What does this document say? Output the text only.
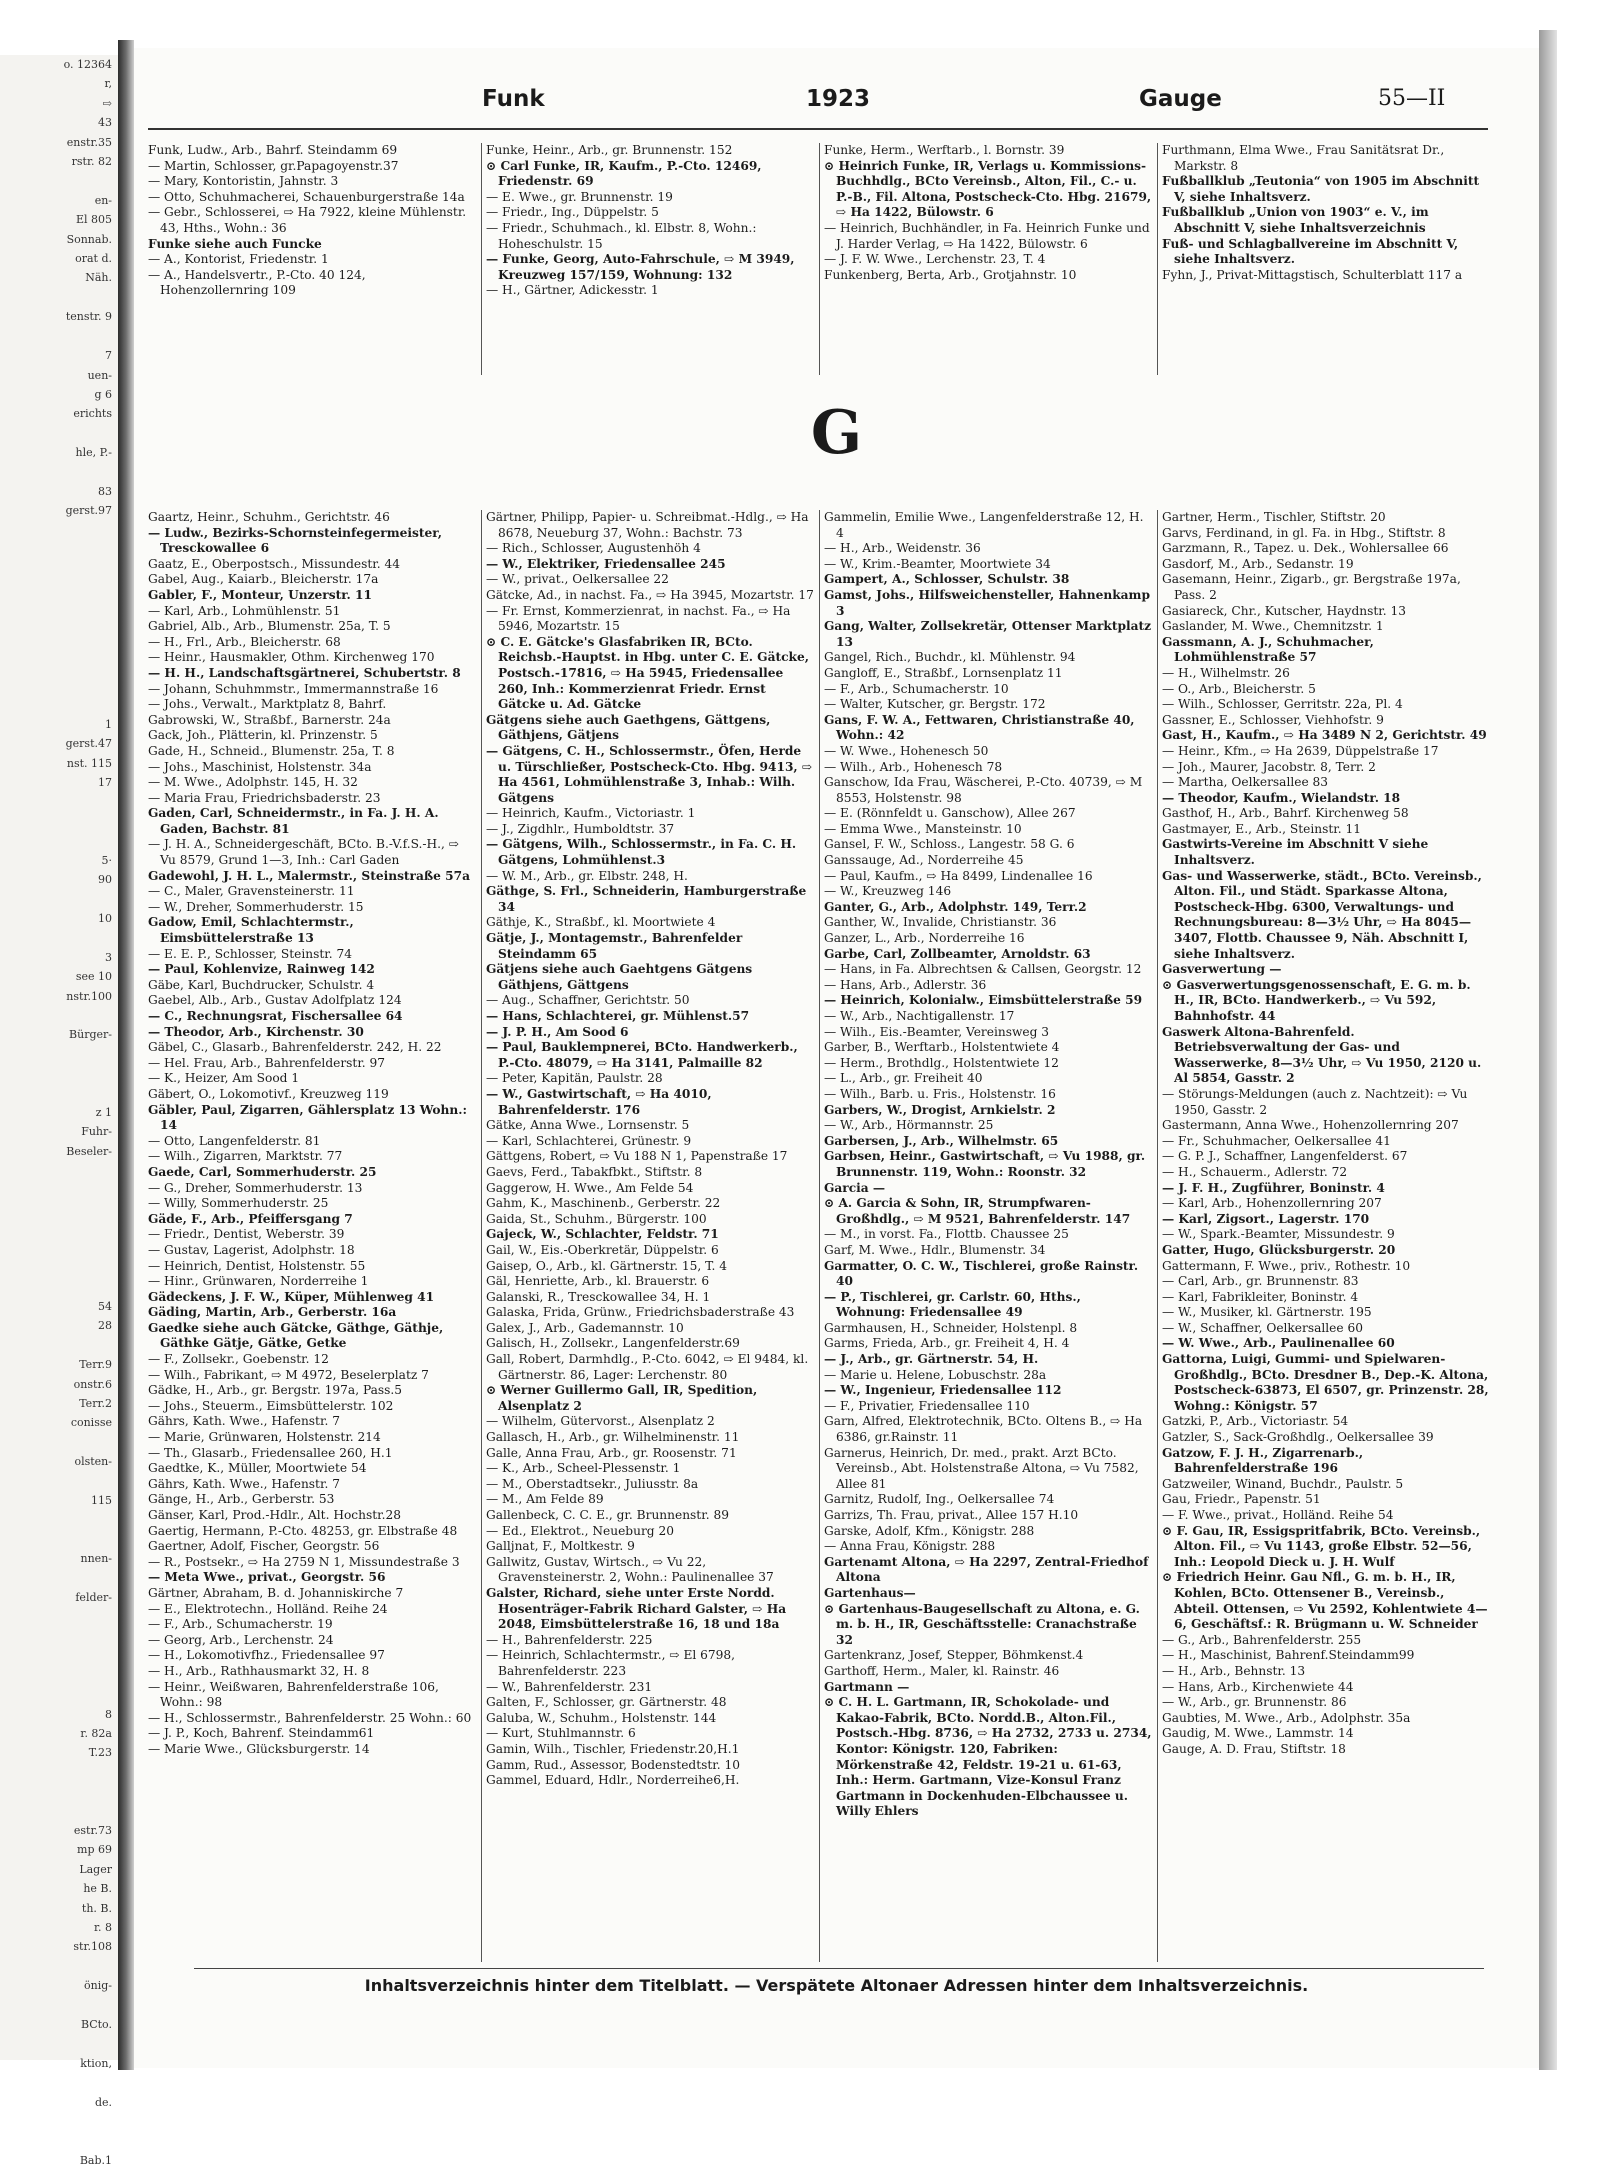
o. 12364
r,
⇨
43
enstr.35
rstr. 82

en-
El 805
Sonnab.
orat d.
Näh.

tenstr. 9

7
uen-
g 6
erichts

hle, P.-

83
gerst.97

1
gerst.47
nst. 115
17

5·
90

10

3
see 10
nstr.100

Bürger-

z 1
Fuhr-
Beseler-

54
28

Terr.9
onstr.6
Terr.2
conisse

olsten-

115

nnen-

felder-

8
r. 82a
T.23

estr.73
mp 69
Lager
he B.
th. B.
r. 8
str.108

önig-

BCto.

ktion,

de.

Bab.1
Funk	1923	Gauge	55—II

Funk, Ludw., Arb., Bahrf. Steindamm 69

— Martin, Schlosser, gr.Papagoyenstr.37

— Mary, Kontoristin, Jahnstr. 3

— Otto, Schuhmacherei, Schauenburgerstraße 14a

— Gebr., Schlosserei, ⇨ Ha 7922, kleine Mühlenstr. 43, Hths., Wohn.: 36

Funke siehe auch Funcke

— A., Kontorist, Friedenstr. 1

— A., Handelsvertr., P.-Cto. 40 124, Hohenzollernring 109

Funke, Heinr., Arb., gr. Brunnenstr. 152

⊙ Carl Funke, IR, Kaufm., P.-Cto. 12469, Friedenstr. 69

— E. Wwe., gr. Brunnenstr. 19

— Friedr., Ing., Düppelstr. 5

— Friedr., Schuhmach., kl. Elbstr. 8, Wohn.: Hoheschulstr. 15

— Funke, Georg, Auto-Fahrschule, ⇨ M 3949, Kreuzweg 157/159, Wohnung: 132

— H., Gärtner, Adickesstr. 1

Funke, Herm., Werftarb., l. Bornstr. 39

⊙ Heinrich Funke, IR, Verlags u. Kommissions-Buchhdlg., BCto Vereinsb., Alton, Fil., C.- u. P.-B., Fil. Altona, Postscheck-Cto. Hbg. 21679, ⇨ Ha 1422, Bülowstr. 6

— Heinrich, Buchhändler, in Fa. Heinrich Funke und J. Harder Verlag, ⇨ Ha 1422, Bülowstr. 6

— J. F. W. Wwe., Lerchenstr. 23, T. 4

Funkenberg, Berta, Arb., Grotjahnstr. 10

Furthmann, Elma Wwe., Frau Sanitätsrat Dr., Markstr. 8

Fußballklub „Teutonia“ von 1905 im Abschnitt V, siehe Inhaltsverz.

Fußballklub „Union von 1903“ e. V., im Abschnitt V, siehe Inhaltsverzeichnis

Fuß- und Schlagballvereine im Abschnitt V, siehe Inhaltsverz.

Fyhn, J., Privat-Mittagstisch, Schulterblatt 117 a

G

Gaartz, Heinr., Schuhm., Gerichtstr. 46

— Ludw., Bezirks-Schornsteinfegermeister, Tresckowallee 6

Gaatz, E., Oberpostsch., Missundestr. 44

Gabel, Aug., Kaiarb., Bleicherstr. 17a

Gabler, F., Monteur, Unzerstr. 11

— Karl, Arb., Lohmühlenstr. 51

Gabriel, Alb., Arb., Blumenstr. 25a, T. 5

— H., Frl., Arb., Bleicherstr. 68

— Heinr., Hausmakler, Othm. Kirchenweg 170

— H. H., Landschaftsgärtnerei, Schubertstr. 8

— Johann, Schuhmmstr., Immermannstraße 16

— Johs., Verwalt., Marktplatz 8, Bahrf.

Gabrowski, W., Straßbf., Barnerstr. 24a

Gack, Joh., Plätterin, kl. Prinzenstr. 5

Gade, H., Schneid., Blumenstr. 25a, T. 8

— Johs., Maschinist, Holstenstr. 34a

— M. Wwe., Adolphstr. 145, H. 32

— Maria Frau, Friedrichsbaderstr. 23

Gaden, Carl, Schneidermstr., in Fa. J. H. A. Gaden, Bachstr. 81

— J. H. A., Schneidergeschäft, BCto. B.-V.f.S.-H., ⇨ Vu 8579, Grund 1—3, Inh.: Carl Gaden

Gadewohl, J. H. L., Malermstr., Steinstraße 57a

— C., Maler, Gravensteinerstr. 11

— W., Dreher, Sommerhuderstr. 15

Gadow, Emil, Schlachtermstr., Eimsbüttelerstraße 13

— E. E. P., Schlosser, Steinstr. 74

— Paul, Kohlenvize, Rainweg 142

Gäbe, Karl, Buchdrucker, Schulstr. 4

Gaebel, Alb., Arb., Gustav Adolfplatz 124

— C., Rechnungsrat, Fischersallee 64

— Theodor, Arb., Kirchenstr. 30

Gäbel, C., Glasarb., Bahrenfelderstr. 242, H. 22

— Hel. Frau, Arb., Bahrenfelderstr. 97

— K., Heizer, Am Sood 1

Gäbert, O., Lokomotivf., Kreuzweg 119

Gäbler, Paul, Zigarren, Gählersplatz 13 Wohn.: 14

— Otto, Langenfelderstr. 81

— Wilh., Zigarren, Marktstr. 77

Gaede, Carl, Sommerhuderstr. 25

— G., Dreher, Sommerhuderstr. 13

— Willy, Sommerhuderstr. 25

Gäde, F., Arb., Pfeiffersgang 7

— Friedr., Dentist, Weberstr. 39

— Gustav, Lagerist, Adolphstr. 18

— Heinrich, Dentist, Holstenstr. 55

— Hinr., Grünwaren, Norderreihe 1

Gädeckens, J. F. W., Küper, Mühlenweg 41

Gäding, Martin, Arb., Gerberstr. 16a

Gaedke siehe auch Gätcke, Gäthge, Gäthje, Gäthke Gätje, Gätke, Getke

— F., Zollsekr., Goebenstr. 12

— Wilh., Fabrikant, ⇨ M 4972, Beselerplatz 7

Gädke, H., Arb., gr. Bergstr. 197a, Pass.5

— Johs., Steuerm., Eimsbüttelerstr. 102

Gährs, Kath. Wwe., Hafenstr. 7

— Marie, Grünwaren, Holstenstr. 214

— Th., Glasarb., Friedensallee 260, H.1

Gaedtke, K., Müller, Moortwiete 54

Gährs, Kath. Wwe., Hafenstr. 7

Gänge, H., Arb., Gerberstr. 53

Gänser, Karl, Prod.-Hdlr., Alt. Hochstr.28

Gaertig, Hermann, P.-Cto. 48253, gr. Elbstraße 48

Gaertner, Adolf, Fischer, Georgstr. 56

— R., Postsekr., ⇨ Ha 2759 N 1, Missundestraße 3

— Meta Wwe., privat., Georgstr. 56

Gärtner, Abraham, B. d. Johanniskirche 7

— E., Elektrotechn., Holländ. Reihe 24

— F., Arb., Schumacherstr. 19

— Georg, Arb., Lerchenstr. 24

— H., Lokomotivfhz., Friedensallee 97

— H., Arb., Rathhausmarkt 32, H. 8

— Heinr., Weißwaren, Bahrenfelderstraße 106, Wohn.: 98

— H., Schlossermstr., Bahrenfelderstr. 25 Wohn.: 60

— J. P., Koch, Bahrenf. Steindamm61

— Marie Wwe., Glücksburgerstr. 14

Gärtner, Philipp, Papier- u. Schreibmat.-Hdlg., ⇨ Ha 8678, Neueburg 37, Wohn.: Bachstr. 73

— Rich., Schlosser, Augustenhöh 4

— W., Elektriker, Friedensallee 245

— W., privat., Oelkersallee 22

Gätcke, Ad., in nachst. Fa., ⇨ Ha 3945, Mozartstr. 17

— Fr. Ernst, Kommerzienrat, in nachst. Fa., ⇨ Ha 5946, Mozartstr. 15

⊙ C. E. Gätcke's Glasfabriken IR, BCto. Reichsb.-Hauptst. in Hbg. unter C. E. Gätcke, Postsch.-17816, ⇨ Ha 5945, Friedensallee 260, Inh.: Kommerzienrat Friedr. Ernst Gätcke u. Ad. Gätcke

Gätgens siehe auch Gaethgens, Gättgens, Gäthjens, Gätjens

— Gätgens, C. H., Schlossermstr., Öfen, Herde u. Türschließer, Postscheck-Cto. Hbg. 9413, ⇨ Ha 4561, Lohmühlenstraße 3, Inhab.: Wilh. Gätgens

— Heinrich, Kaufm., Victoriastr. 1

— J., Zigdhlr., Humboldtstr. 37

— Gätgens, Wilh., Schlossermstr., in Fa. C. H. Gätgens, Lohmühlenst.3

— W. M., Arb., gr. Elbstr. 248, H.

Gäthge, S. Frl., Schneiderin, Hamburgerstraße 34

Gäthje, K., Straßbf., kl. Moortwiete 4

Gätje, J., Montagemstr., Bahrenfelder Steindamm 65

Gätjens siehe auch Gaehtgens Gätgens Gäthjens, Gättgens

— Aug., Schaffner, Gerichtstr. 50

— Hans, Schlachterei, gr. Mühlenst.57

— J. P. H., Am Sood 6

— Paul, Bauklempnerei, BCto. Handwerkerb., P.-Cto. 48079, ⇨ Ha 3141, Palmaille 82

— Peter, Kapitän, Paulstr. 28

— W., Gastwirtschaft, ⇨ Ha 4010, Bahrenfelderstr. 176

Gätke, Anna Wwe., Lornsenstr. 5

— Karl, Schlachterei, Grünestr. 9

Gättgens, Robert, ⇨ Vu 188 N 1, Papenstraße 17

Gaevs, Ferd., Tabakfbkt., Stiftstr. 8

Gaggerow, H. Wwe., Am Felde 54

Gahm, K., Maschinenb., Gerberstr. 22

Gaida, St., Schuhm., Bürgerstr. 100

Gajeck, W., Schlachter, Feldstr. 71

Gail, W., Eis.-Oberkretär, Düppelstr. 6

Gaisep, O., Arb., kl. Gärtnerstr. 15, T. 4

Gäl, Henriette, Arb., kl. Brauerstr. 6

Galanski, R., Tresckowallee 34, H. 1

Galaska, Frida, Grünw., Friedrichsbaderstraße 43

Galex, J., Arb., Gademannstr. 10

Galisch, H., Zollsekr., Langenfelderstr.69

Gall, Robert, Darmhdlg., P.-Cto. 6042, ⇨ El 9484, kl. Gärtnerstr. 86, Lager: Lerchenstr. 80

⊙ Werner Guillermo Gall, IR, Spedition, Alsenplatz 2

— Wilhelm, Gütervorst., Alsenplatz 2

Gallasch, H., Arb., gr. Wilhelminenstr. 11

Galle, Anna Frau, Arb., gr. Roosenstr. 71

— K., Arb., Scheel-Plessenstr. 1

— M., Oberstadtsekr., Juliusstr. 8a

— M., Am Felde 89

Gallenbeck, C. C. E., gr. Brunnenstr. 89

— Ed., Elektrot., Neueburg 20

Galljnat, F., Moltkestr. 9

Gallwitz, Gustav, Wirtsch., ⇨ Vu 22, Gravensteinerstr. 2, Wohn.: Paulinenallee 37

Galster, Richard, siehe unter Erste Nordd. Hosenträger-Fabrik Richard Galster, ⇨ Ha 2048, Eimsbüttelerstraße 16, 18 und 18a

— H., Bahrenfelderstr. 225

— Heinrich, Schlachtermstr., ⇨ El 6798, Bahrenfelderstr. 223

— W., Bahrenfelderstr. 231

Galten, F., Schlosser, gr. Gärtnerstr. 48

Galuba, W., Schuhm., Holstenstr. 144

— Kurt, Stuhlmannstr. 6

Gamin, Wilh., Tischler, Friedenstr.20,H.1

Gamm, Rud., Assessor, Bodenstedtstr. 10

Gammel, Eduard, Hdlr., Norderreihe6,H.

Gammelin, Emilie Wwe., Langenfelderstraße 12, H. 4

— H., Arb., Weidenstr. 36

— W., Krim.-Beamter, Moortwiete 34

Gampert, A., Schlosser, Schulstr. 38

Gamst, Johs., Hilfsweichensteller, Hahnenkamp 3

Gang, Walter, Zollsekretär, Ottenser Marktplatz 13

Gangel, Rich., Buchdr., kl. Mühlenstr. 94

Gangloff, E., Straßbf., Lornsenplatz 11

— F., Arb., Schumacherstr. 10

— Walter, Kutscher, gr. Bergstr. 172

Gans, F. W. A., Fettwaren, Christianstraße 40, Wohn.: 42

— W. Wwe., Hohenesch 50

— Wilh., Arb., Hohenesch 78

Ganschow, Ida Frau, Wäscherei, P.-Cto. 40739, ⇨ M 8553, Holstenstr. 98

— E. (Rönnfeldt u. Ganschow), Allee 267

— Emma Wwe., Mansteinstr. 10

Gansel, F. W., Schloss., Langestr. 58 G. 6

Ganssauge, Ad., Norderreihe 45

— Paul, Kaufm., ⇨ Ha 8499, Lindenallee 16

— W., Kreuzweg 146

Ganter, G., Arb., Adolphstr. 149, Terr.2

Ganther, W., Invalide, Christianstr. 36

Ganzer, L., Arb., Norderreihe 16

Garbe, Carl, Zollbeamter, Arnoldstr. 63

— Hans, in Fa. Albrechtsen & Callsen, Georgstr. 12

— Hans, Arb., Adlerstr. 36

— Heinrich, Kolonialw., Eimsbüttelerstraße 59

— W., Arb., Nachtigallenstr. 17

— Wilh., Eis.-Beamter, Vereinsweg 3

Garber, B., Werftarb., Holstentwiete 4

— Herm., Brothdlg., Holstentwiete 12

— L., Arb., gr. Freiheit 40

— Wilh., Barb. u. Fris., Holstenstr. 16

Garbers, W., Drogist, Arnkielstr. 2

— W., Arb., Hörmannstr. 25

Garbersen, J., Arb., Wilhelmstr. 65

Garbsen, Heinr., Gastwirtschaft, ⇨ Vu 1988, gr. Brunnenstr. 119, Wohn.: Roonstr. 32

Garcia —

⊙ A. Garcia & Sohn, IR, Strumpfwaren-Großhdlg., ⇨ M 9521, Bahrenfelderstr. 147

— M., in vorst. Fa., Flottb. Chaussee 25

Garf, M. Wwe., Hdlr., Blumenstr. 34

Garmatter, O. C. W., Tischlerei, große Rainstr. 40

— P., Tischlerei, gr. Carlstr. 60, Hths., Wohnung: Friedensallee 49

Garmhausen, H., Schneider, Holstenpl. 8

Garms, Frieda, Arb., gr. Freiheit 4, H. 4

— J., Arb., gr. Gärtnerstr. 54, H.

— Marie u. Helene, Lobuschstr. 28a

— W., Ingenieur, Friedensallee 112

— F., Privatier, Friedensallee 110

Garn, Alfred, Elektrotechnik, BCto. Oltens B., ⇨ Ha 6386, gr.Rainstr. 11

Garnerus, Heinrich, Dr. med., prakt. Arzt BCto. Vereinsb., Abt. Holstenstraße Altona, ⇨ Vu 7582, Allee 81

Garnitz, Rudolf, Ing., Oelkersallee 74

Garrizs, Th. Frau, privat., Allee 157 H.10

Garske, Adolf, Kfm., Königstr. 288

— Anna Frau, Königstr. 288

Gartenamt Altona, ⇨ Ha 2297, Zentral-Friedhof Altona

Gartenhaus—

⊙ Gartenhaus-Baugesellschaft zu Altona, e. G. m. b. H., IR, Geschäftsstelle: Cranachstraße 32

Gartenkranz, Josef, Stepper, Böhmkenst.4

Garthoff, Herm., Maler, kl. Rainstr. 46

Gartmann —

⊙ C. H. L. Gartmann, IR, Schokolade- und Kakao-Fabrik, BCto. Nordd.B., Alton.Fil., Postsch.-Hbg. 8736, ⇨ Ha 2732, 2733 u. 2734, Kontor: Königstr. 120, Fabriken: Mörkenstraße 42, Feldstr. 19-21 u. 61-63, Inh.: Herm. Gartmann, Vize-Konsul Franz Gartmann in Dockenhuden-Elbchaussee u. Willy Ehlers

Gartner, Herm., Tischler, Stiftstr. 20

Garvs, Ferdinand, in gl. Fa. in Hbg., Stiftstr. 8

Garzmann, R., Tapez. u. Dek., Wohlersallee 66

Gasdorf, M., Arb., Sedanstr. 19

Gasemann, Heinr., Zigarb., gr. Bergstraße 197a, Pass. 2

Gasiareck, Chr., Kutscher, Haydnstr. 13

Gaslander, M. Wwe., Chemnitzstr. 1

Gassmann, A. J., Schuhmacher, Lohmühlenstraße 57

— H., Wilhelmstr. 26

— O., Arb., Bleicherstr. 5

— Wilh., Schlosser, Gerritstr. 22a, Pl. 4

Gassner, E., Schlosser, Viehhofstr. 9

Gast, H., Kaufm., ⇨ Ha 3489 N 2, Gerichtstr. 49

— Heinr., Kfm., ⇨ Ha 2639, Düppelstraße 17

— Joh., Maurer, Jacobstr. 8, Terr. 2

— Martha, Oelkersallee 83

— Theodor, Kaufm., Wielandstr. 18

Gasthof, H., Arb., Bahrf. Kirchenweg 58

Gastmayer, E., Arb., Steinstr. 11

Gastwirts-Vereine im Abschnitt V siehe Inhaltsverz.

Gas- und Wasserwerke, städt., BCto. Vereinsb., Alton. Fil., und Städt. Sparkasse Altona, Postscheck-Hbg. 6300, Verwaltungs- und Rechnungsbureau: 8—3½ Uhr, ⇨ Ha 8045—3407, Flottb. Chaussee 9, Näh. Abschnitt I, siehe Inhaltsverz.

Gasverwertung —

⊙ Gasverwertungsgenossenschaft, E. G. m. b. H., IR, BCto. Handwerkerb., ⇨ Vu 592, Bahnhofstr. 44

Gaswerk Altona-Bahrenfeld. Betriebsverwaltung der Gas- und Wasserwerke, 8—3½ Uhr, ⇨ Vu 1950, 2120 u. Al 5854, Gasstr. 2

— Störungs-Meldungen (auch z. Nachtzeit): ⇨ Vu 1950, Gasstr. 2

Gastermann, Anna Wwe., Hohenzollernring 207

— Fr., Schuhmacher, Oelkersallee 41

— G. P. J., Schaffner, Langenfelderst. 67

— H., Schauerm., Adlerstr. 72

— J. F. H., Zugführer, Boninstr. 4

— Karl, Arb., Hohenzollernring 207

— Karl, Zigsort., Lagerstr. 170

— W., Spark.-Beamter, Missundestr. 9

Gatter, Hugo, Glücksburgerstr. 20

Gattermann, F. Wwe., priv., Rothestr. 10

— Carl, Arb., gr. Brunnenstr. 83

— Karl, Fabrikleiter, Boninstr. 4

— W., Musiker, kl. Gärtnerstr. 195

— W., Schaffner, Oelkersallee 60

— W. Wwe., Arb., Paulinenallee 60

Gattorna, Luigi, Gummi- und Spielwaren-Großhdlg., BCto. Dresdner B., Dep.-K. Altona, Postscheck-63873, El 6507, gr. Prinzenstr. 28, Wohng.: Königstr. 57

Gatzki, P., Arb., Victoriastr. 54

Gatzler, S., Sack-Großhdlg., Oelkersallee 39

Gatzow, F. J. H., Zigarrenarb., Bahrenfelderstraße 196

Gatzweiler, Winand, Buchdr., Paulstr. 5

Gau, Friedr., Papenstr. 51

— F. Wwe., privat., Holländ. Reihe 54

⊙ F. Gau, IR, Essigspritfabrik, BCto. Vereinsb., Alton. Fil., ⇨ Vu 1143, große Elbstr. 52—56, Inh.: Leopold Dieck u. J. H. Wulf

⊙ Friedrich Heinr. Gau Nfl., G. m. b. H., IR, Kohlen, BCto. Ottensener B., Vereinsb., Abteil. Ottensen, ⇨ Vu 2592, Kohlentwiete 4—6, Geschäftsf.: R. Brügmann u. W. Schneider

— G., Arb., Bahrenfelderstr. 255

— H., Maschinist, Bahrenf.Steindamm99

— H., Arb., Behnstr. 13

— Hans, Arb., Kirchenwiete 44

— W., Arb., gr. Brunnenstr. 86

Gaubties, M. Wwe., Arb., Adolphstr. 35a

Gaudig, M. Wwe., Lammstr. 14

Gauge, A. D. Frau, Stiftstr. 18

Inhaltsverzeichnis hinter dem Titelblatt. — Verspätete Altonaer Adressen hinter dem Inhaltsverzeichnis.
